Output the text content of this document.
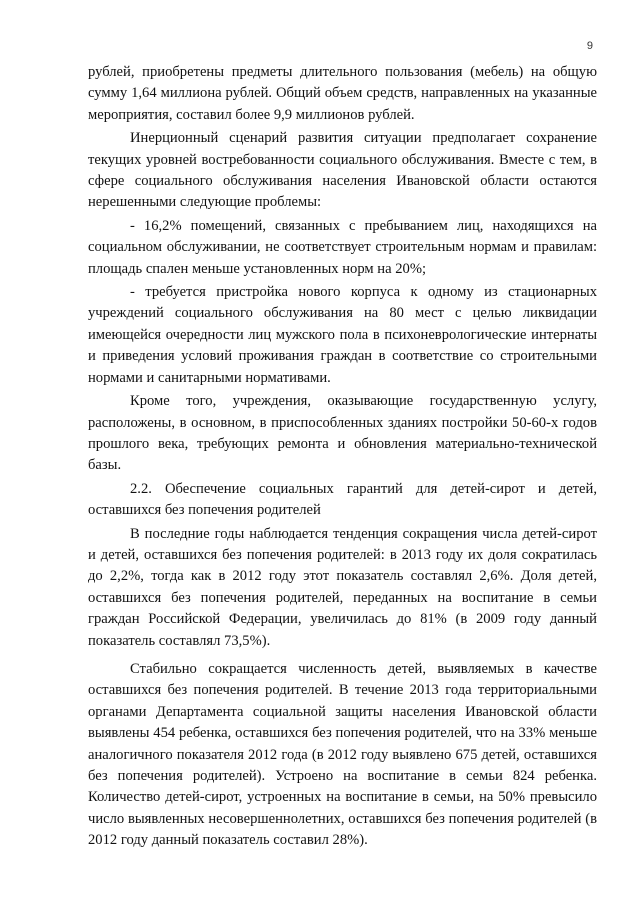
9

рублей, приобретены предметы длительного пользования (мебель) на общую сумму 1,64 миллиона рублей. Общий объем средств, направленных на указанные мероприятия, составил более 9,9 миллионов рублей.

Инерционный сценарий развития ситуации предполагает сохранение текущих уровней востребованности социального обслуживания. Вместе с тем, в сфере социального обслуживания населения Ивановской области остаются нерешенными следующие проблемы:

- 16,2% помещений, связанных с пребыванием лиц, находящихся на социальном обслуживании, не соответствует строительным нормам и правилам: площадь спален меньше установленных норм на 20%;

- требуется пристройка нового корпуса к одному из стационарных учреждений социального обслуживания на 80 мест с целью ликвидации имеющейся очередности лиц мужского пола в психоневрологические интернаты и приведения условий проживания граждан в соответствие со строительными нормами и санитарными нормативами.

Кроме того, учреждения, оказывающие государственную услугу, расположены, в основном, в приспособленных зданиях постройки 50-60-х годов прошлого века, требующих ремонта и обновления материально-технической базы.

2.2. Обеспечение социальных гарантий для детей-сирот и детей, оставшихся без попечения родителей

В последние годы наблюдается тенденция сокращения числа детей-сирот и детей, оставшихся без попечения родителей: в 2013 году их доля сократилась до 2,2%, тогда как в 2012 году этот показатель составлял 2,6%. Доля детей, оставшихся без попечения родителей, переданных на воспитание в семьи граждан Российской Федерации, увеличилась до 81% (в 2009 году данный показатель составлял 73,5%).

Стабильно сокращается численность детей, выявляемых в качестве оставшихся без попечения родителей. В течение 2013 года территориальными органами Департамента социальной защиты населения Ивановской области выявлены 454 ребенка, оставшихся без попечения родителей, что на 33% меньше аналогичного показателя 2012 года (в 2012 году выявлено 675 детей, оставшихся без попечения родителей). Устроено на воспитание в семьи 824 ребенка. Количество детей-сирот, устроенных на воспитание в семьи, на 50% превысило число выявленных несовершеннолетних, оставшихся без попечения родителей (в 2012 году данный показатель составил 28%).
